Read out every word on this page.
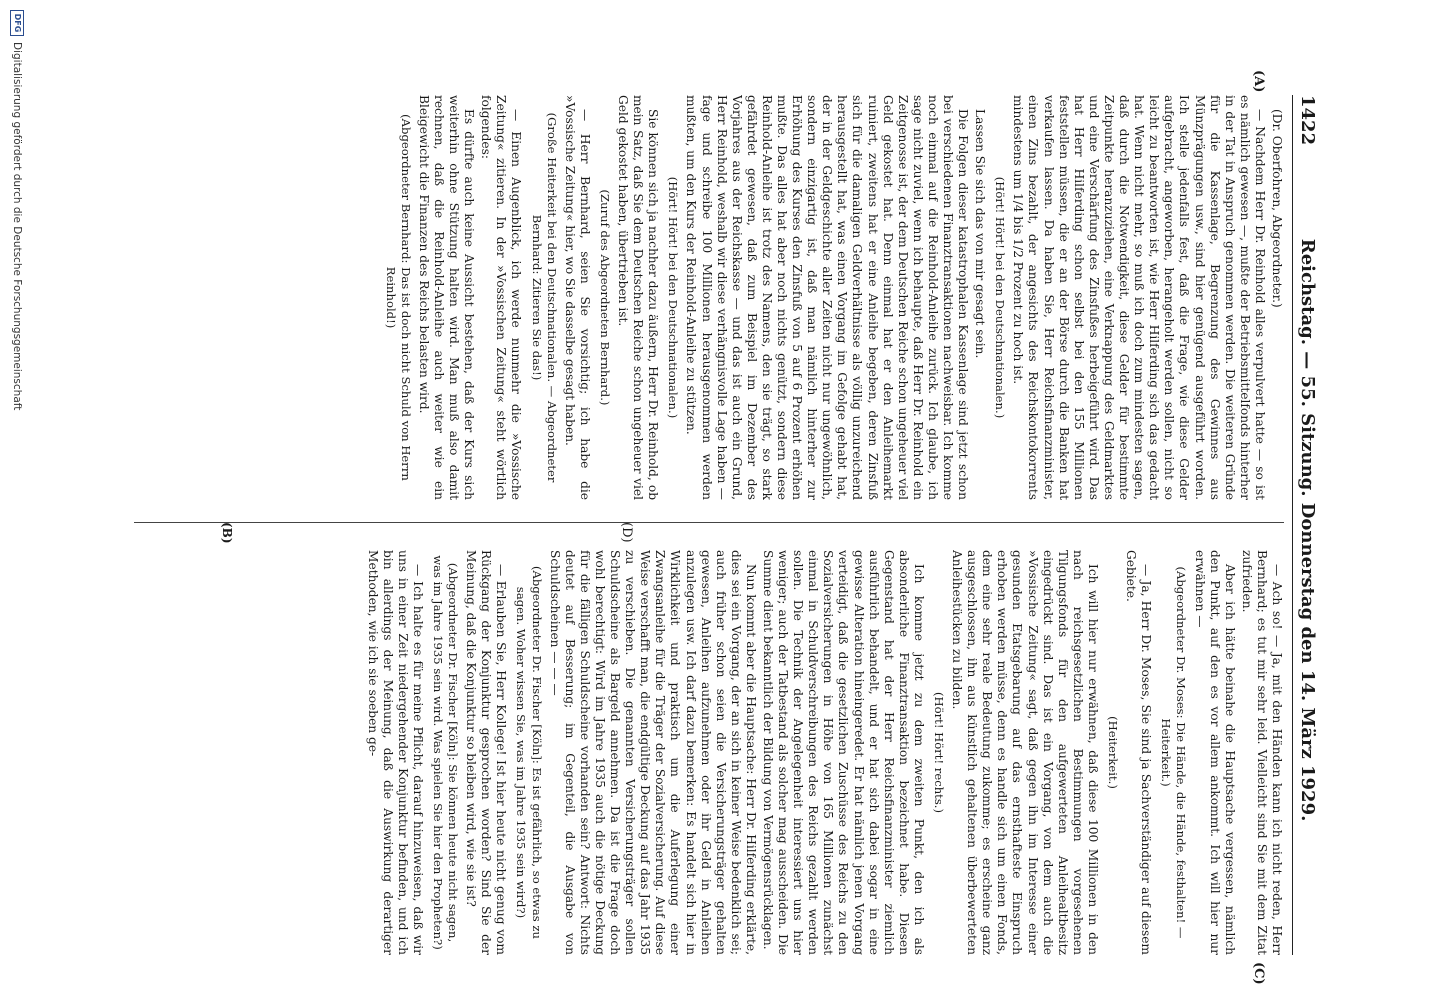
1422
Reichstag. — 55. Sitzung. Donnerstag den 14. März 1929.
(A)
(C)
(D)
(B)

(Dr. Oberfohren, Abgeordneter.)

— Nachdem Herr Dr. Reinhold alles verpulvert hatte — so ist es nämlich gewesen —, mußte der Betriebsmittelfonds hinterher in der Tat in Anspruch genommen werden. Die weiteren Gründe für die Kassenlage, Begrenzung des Gewinnes aus Münzprägungen usw., sind hier genügend ausgeführt worden. Ich stelle jedenfalls fest, daß die Frage, wie diese Gelder aufgebracht, angeworben, herangeholt werden sollen, nicht so leicht zu beantworten ist, wie Herr Hilferding sich das gedacht hat. Wenn nicht mehr, so muß ich doch zum mindesten sagen, daß durch die Notwendigkeit, diese Gelder für bestimmte Zeitpunkte heranzuziehen, eine Verknappung des Geldmarktes und eine Verschärfung des Zinsfußes herbeigeführt wird. Das hat Herr Hilferding schon selbst bei den 155 Millionen feststellen müssen, die er an der Börse durch die Banken hat verkaufen lassen. Da haben Sie, Herr Reichsfinanzminister, einen Zins bezahlt, der angesichts des Reichskontokorrents mindestens um 1/4 bis 1/2 Prozent zu hoch ist.

(Hört! Hört! bei den Deutschnationalen.)

Lassen Sie sich das von mir gesagt sein.

Die Folgen dieser katastrophalen Kassenlage sind jetzt schon bei verschiedenen Finanztransaktionen nachweisbar. Ich komme noch einmal auf die Reinhold-Anleihe zurück. Ich glaube, ich sage nicht zuviel, wenn ich behaupte, daß Herr Dr. Reinhold ein Zeitgenosse ist, der dem Deutschen Reiche schon ungeheuer viel Geld gekostet hat. Denn einmal hat er den Anleihemarkt ruiniert, zweitens hat er eine Anleihe begeben, deren Zinsfuß sich für die damaligen Geldverhältnisse als völlig unzureichend herausgestellt hat, was einen Vorgang im Gefolge gehabt hat, der in der Geldgeschichte aller Zeiten nicht nur ungewöhnlich, sondern einzigartig ist, daß man nämlich hinterher zur Erhöhung des Kurses den Zinsfuß von 5 auf 6 Prozent erhöhen mußte. Das alles hat aber noch nichts genützt, sondern diese Reinhold-Anleihe ist trotz des Namens, den sie trägt, so stark gefährdet gewesen, daß zum Beispiel im Dezember des Vorjahres aus der Reichskasse — und das ist auch ein Grund, Herr Reinhold, weshalb wir diese verhängnisvolle Lage haben — fage und schreibe 100 Millionen herausgenommen werden mußten, um den Kurs der Reinhold-Anleihe zu stützen.

(Hört! Hört! bei den Deutschnationalen.)

Sie können sich ja nachher dazu äußern, Herr Dr. Reinhold, ob mein Satz, daß Sie dem Deutschen Reiche schon ungeheuer viel Geld gekostet haben, übertrieben ist.

(Zuruf des Abgeordneten Bernhard.)

— Herr Bernhard, seien Sie vorsichtig; ich habe die »Vossische Zeitung« hier, wo Sie dasselbe gesagt haben.

(Große Heiterkeit bei den Deutschnationalen. — Abgeordneter Bernhard: Zitieren Sie das!)

— Einen Augenblick, ich werde nunmehr die »Vossische Zeitung« zitieren. In der »Vossischen Zeitung« steht wörtlich folgendes:

Es dürfte auch keine Aussicht bestehen, daß der Kurs sich weiterhin ohne Stützung halten wird. Man muß also damit rechnen, daß die Reinhold-Anleihe auch weiter wie ein Bleigewicht die Finanzen des Reichs belasten wird.

(Abgeordneter Bernhard: Das ist doch nicht Schuld von Herrn Reinhold!)

— Ach so! — Ja, mit den Händen kann ich nicht reden, Herr Bernhard; es tut mir sehr leid. Vielleicht sind Sie mit dem Zitat zufrieden.

Aber ich hätte beinahe die Hauptsache vergessen, nämlich den Punkt, auf den es vor allem ankommt. Ich will hier nur erwähnen —

(Abgeordneter Dr. Moses: Die Hände, die Hände, festhalten! — Heiterkeit.)

— Ja, Herr Dr. Moses, Sie sind ja Sachverständiger auf diesem Gebiete.

(Heiterkeit.)

Ich will hier nur erwähnen, daß diese 100 Millionen in den nach reichsgesetzlichen Bestimmungen vorgesehenen Tilgungsfonds für den aufgewerteten Anleihealtbesitz eingedrückt sind. Das ist ein Vorgang, von dem auch die »Vossische Zeitung« sagt, daß gegen ihn im Interesse einer gesunden Etatsgebarung auf das ernsthafteste Einspruch erhoben werden müsse, denn es handle sich um einen Fonds, dem eine sehr reale Bedeutung zukomme; es erscheine ganz ausgeschlossen, ihn aus künstlich gehaltenen überbewerteten Anleihestücken zu bilden.

(Hört! Hört! rechts.)

Ich komme jetzt zu dem zweiten Punkt, den ich als absonderliche Finanztransaktion bezeichnet habe. Diesen Gegenstand hat der Herr Reichsfinanzminister ziemlich ausführlich behandelt, und er hat sich dabei sogar in eine gewisse Alteration hineingeredet. Er hat nämlich jenen Vorgang verteidigt, daß die gesetzlichen Zuschüsse des Reichs zu den Sozialversicherungen in Höhe von 165 Millionen zunächst einmal in Schuldverschreibungen des Reichs gezahlt werden sollen. Die Technik der Angelegenheit interessiert uns hier weniger; auch der Tatbestand als solcher mag ausscheiden. Die Summe dient bekanntlich der Bildung von Vermögensrücklagen.

Nun kommt aber die Hauptsache: Herr Dr. Hilferding erklärte, dies sei ein Vorgang, der an sich in keiner Weise bedenklich sei; auch früher schon seien die Versicherungsträger gehalten gewesen, Anleihen aufzunehmen oder ihr Geld in Anleihen anzulegen usw. Ich darf dazu bemerken: Es handelt sich hier in Wirklichkeit und praktisch um die Auferlegung einer Zwangsanleihe für die Träger der Sozialversicherung. Auf diese Weise verschafft man, die endgültige Deckung auf das Jahr 1935 zu verschieben. Die genannten Versicherungsträger sollen Schuldscheine als Bargeld annehmen. Da ist die Frage doch wohl berechtigt: Wird im Jahre 1935 auch die nötige Deckung für die fälligen Schuldscheine vorhanden sein? Antwort: Nichts deutet auf Besserung; im Gegenteil, die Ausgabe von Schuldscheinen — — —

(Abgeordneter Dr. Fischer [Köln]: Es ist gefährlich, so etwas zu sagen. Woher wissen Sie, was im Jahre 1935 sein wird?)

— Erlauben Sie, Herr Kollege! Ist hier heute nicht genug vom Rückgang der Konjunktur gesprochen worden? Sind Sie der Meinung, daß die Konjunktur so bleiben wird, wie sie ist?

(Abgeordneter Dr. Fischer [Köln]: Sie können heute nicht sagen, was im Jahre 1935 sein wird. Was spielen Sie hier den Propheten?)

— Ich halte es für meine Pflicht, darauf hinzuweisen, daß wir uns in einer Zeit niedergehender Konjunktur befinden, und ich bin allerdings der Meinung, daß die Auswirkung derartiger Methoden, wie ich sie soeben ge-

DFG
Digitalisierung gefördert durch die Deutsche Forschungsgemeinschaft
